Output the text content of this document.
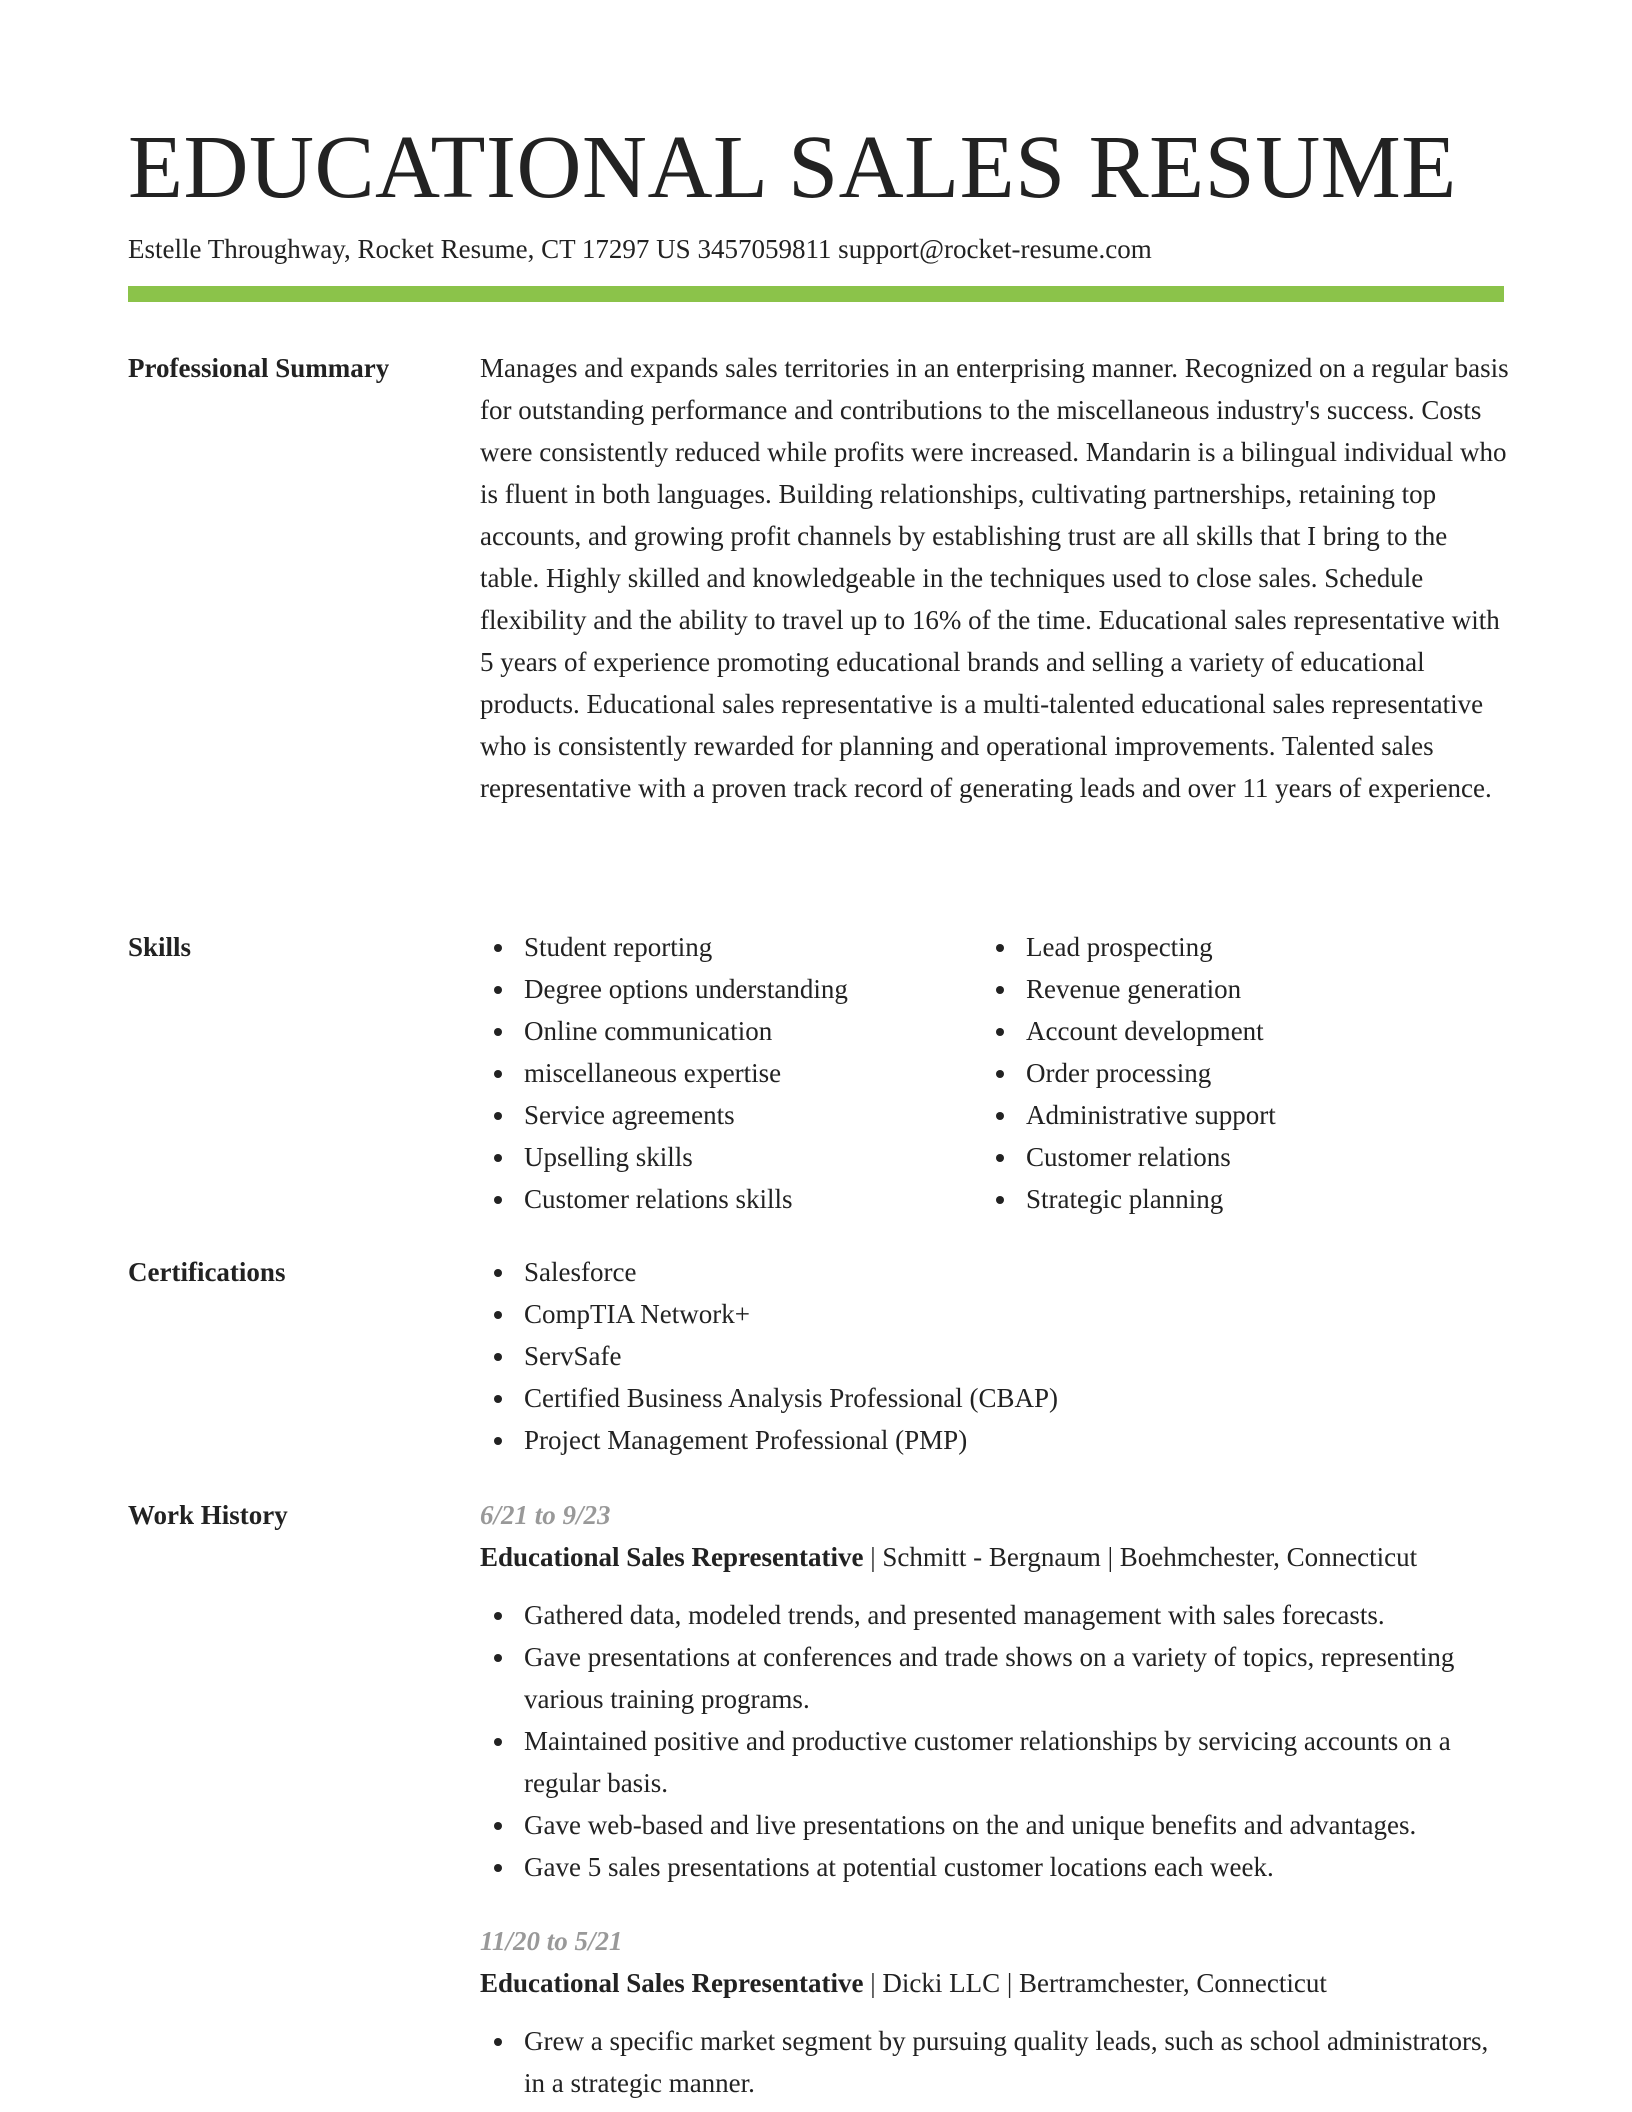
EDUCATIONAL SALES RESUME
Estelle Throughway, Rocket Resume, CT 17297 US 3457059811 support@rocket-resume.com
Professional Summary	Manages and expands sales territories in an enterprising manner. Recognized on a regular basis for outstanding performance and contributions to the miscellaneous industry's success. Costs were consistently reduced while profits were increased. Mandarin is a bilingual individual who is fluent in both languages. Building relationships, cultivating partnerships, retaining top accounts, and growing profit channels by establishing trust are all skills that I bring to the table. Highly skilled and knowledgeable in the techniques used to close sales. Schedule flexibility and the ability to travel up to 16% of the time. Educational sales representative with 5 years of experience promoting educational brands and selling a variety of educational products. Educational sales representative is a multi-talented educational sales representative who is consistently rewarded for planning and operational improvements. Talented sales representative with a proven track record of generating leads and over 11 years of experience.

Skills	Student reporting
Degree options understanding
Online communication
miscellaneous expertise
Service agreements
Upselling skills
Customer relations skills
Lead prospecting
Revenue generation
Account development
Order processing
Administrative support
Customer relations
Strategic planning
Certifications	Salesforce
CompTIA Network+
ServSafe
Certified Business Analysis Professional (CBAP)
Project Management Professional (PMP)
Work History	6/21 to 9/23
Educational Sales Representative | Schmitt - Bergnaum | Boehmchester, Connecticut
Gathered data, modeled trends, and presented management with sales forecasts.
Gave presentations at conferences and trade shows on a variety of topics, representing various training programs.
Maintained positive and productive customer relationships by servicing accounts on a regular basis.
Gave web-based and live presentations on the and unique benefits and advantages.
Gave 5 sales presentations at potential customer locations each week.
11/20 to 5/21
Educational Sales Representative | Dicki LLC | Bertramchester, Connecticut
Grew a specific market segment by pursuing quality leads, such as school administrators, in a strategic manner.
